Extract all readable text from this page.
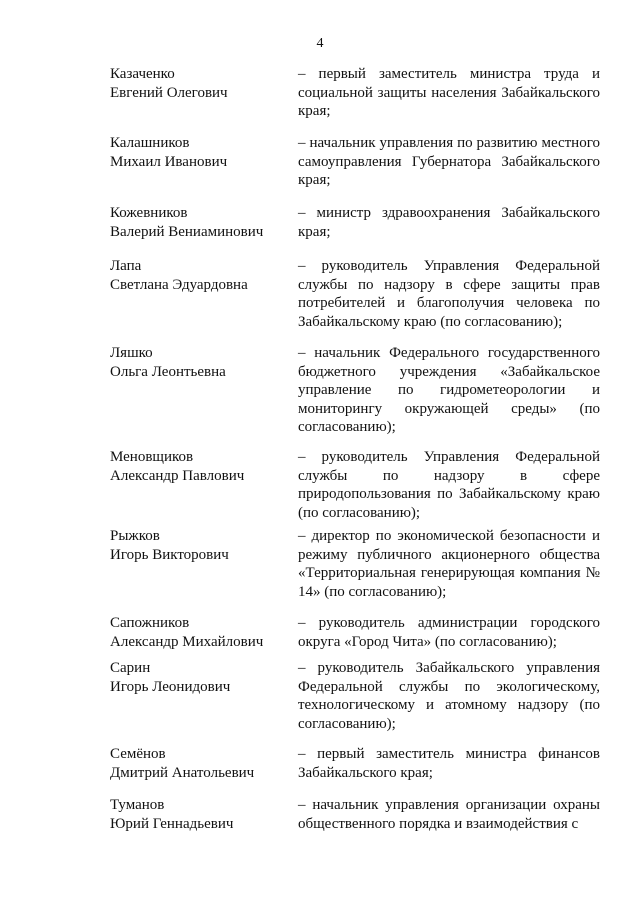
4
Казаченко
Евгений Олегович
– первый заместитель министра труда и социальной защиты населения Забайкальского края;
Калашников
Михаил Иванович
– начальник управления по развитию местного самоуправления Губернатора Забайкальского края;
Кожевников
Валерий Вениаминович
– министр здравоохранения Забайкальского края;
Лапа
Светлана Эдуардовна
– руководитель Управления Федеральной службы по надзору в сфере защиты прав потребителей и благополучия человека по Забайкальскому краю (по согласованию);
Ляшко
Ольга Леонтьевна
– начальник Федерального государственного бюджетного учреждения «Забайкальское управление по гидрометеорологии и мониторингу окружающей среды» (по согласованию);
Меновщиков
Александр Павлович
– руководитель Управления Федеральной службы по надзору в сфере природопользования по Забайкальскому краю (по согласованию);
Рыжков
Игорь Викторович
– директор по экономической безопасности и режиму публичного акционерного общества «Территориальная генерирующая компания № 14» (по согласованию);
Сапожников
Александр Михайлович
– руководитель администрации городского округа «Город Чита» (по согласованию);
Сарин
Игорь Леонидович
– руководитель Забайкальского управления Федеральной службы по экологическому, технологическому и атомному надзору (по согласованию);
Семёнов
Дмитрий Анатольевич
– первый заместитель министра финансов Забайкальского края;
Туманов
Юрий Геннадьевич
– начальник управления организации охраны общественного порядка и взаимодействия с
